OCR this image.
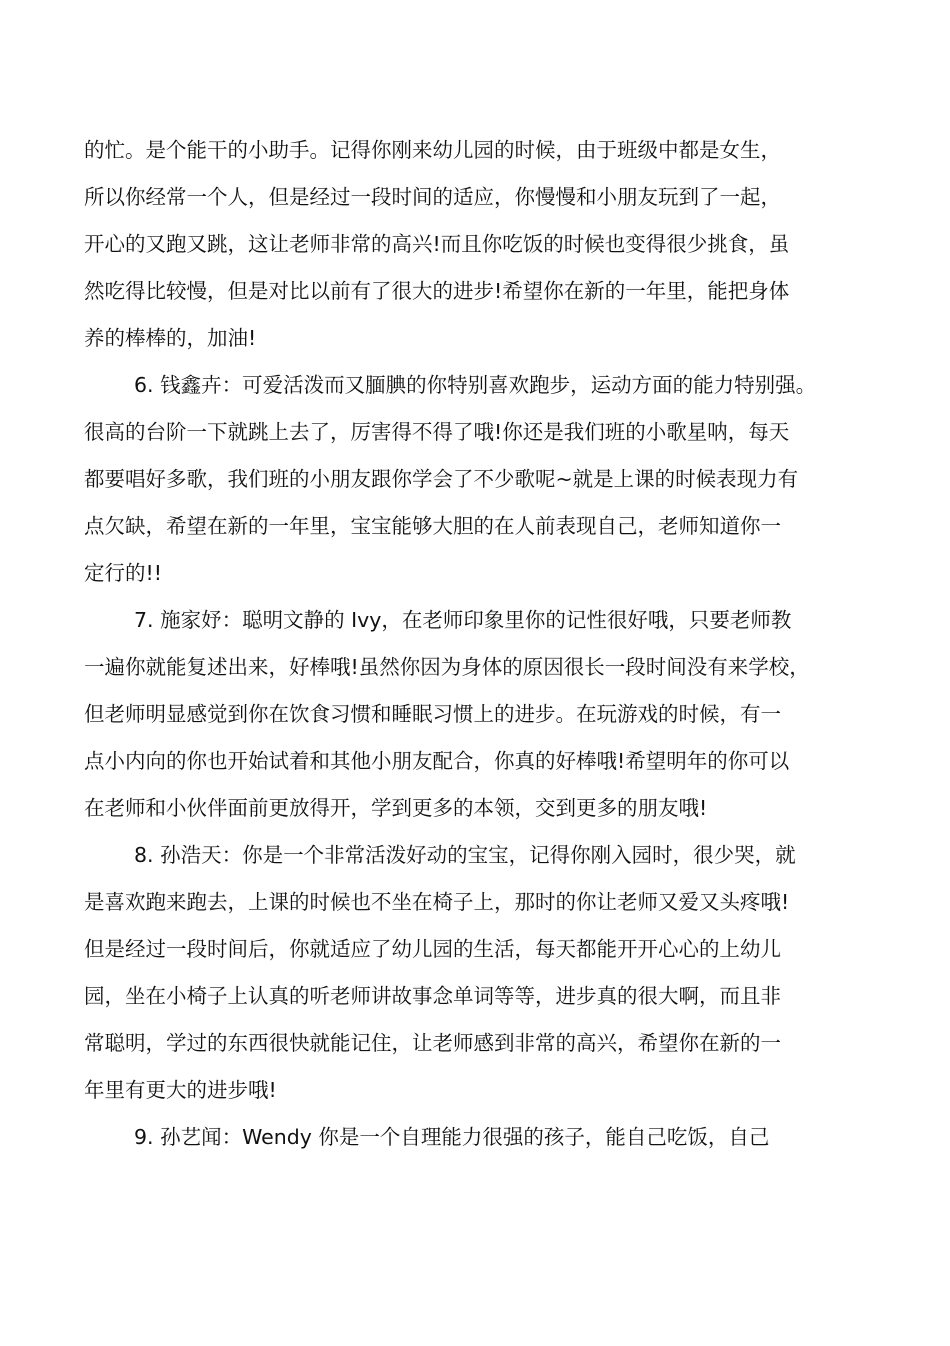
的忙。是个能干的小助手。记得你刚来幼儿园的时候，由于班级中都是女生，
所以你经常一个人，但是经过一段时间的适应，你慢慢和小朋友玩到了一起，
开心的又跑又跳，这让老师非常的高兴!而且你吃饭的时候也变得很少挑食，虽
然吃得比较慢，但是对比以前有了很大的进步!希望你在新的一年里，能把身体
养的棒棒的，加油!
6. 钱鑫卉：可爱活泼而又腼腆的你特别喜欢跑步，运动方面的能力特别强。
很高的台阶一下就跳上去了，厉害得不得了哦!你还是我们班的小歌星呐，每天
都要唱好多歌，我们班的小朋友跟你学会了不少歌呢~就是上课的时候表现力有
点欠缺，希望在新的一年里，宝宝能够大胆的在人前表现自己，老师知道你一
定行的!!
7. 施家妤：聪明文静的 Ivy，在老师印象里你的记性很好哦，只要老师教
一遍你就能复述出来，好棒哦!虽然你因为身体的原因很长一段时间没有来学校，
但老师明显感觉到你在饮食习惯和睡眠习惯上的进步。在玩游戏的时候，有一
点小内向的你也开始试着和其他小朋友配合，你真的好棒哦!希望明年的你可以
在老师和小伙伴面前更放得开，学到更多的本领，交到更多的朋友哦!
8. 孙浩天：你是一个非常活泼好动的宝宝，记得你刚入园时，很少哭，就
是喜欢跑来跑去，上课的时候也不坐在椅子上，那时的你让老师又爱又头疼哦!
但是经过一段时间后，你就适应了幼儿园的生活，每天都能开开心心的上幼儿
园，坐在小椅子上认真的听老师讲故事念单词等等，进步真的很大啊，而且非
常聪明，学过的东西很快就能记住，让老师感到非常的高兴，希望你在新的一
年里有更大的进步哦!
9. 孙艺闻：Wendy 你是一个自理能力很强的孩子，能自己吃饭，自己
